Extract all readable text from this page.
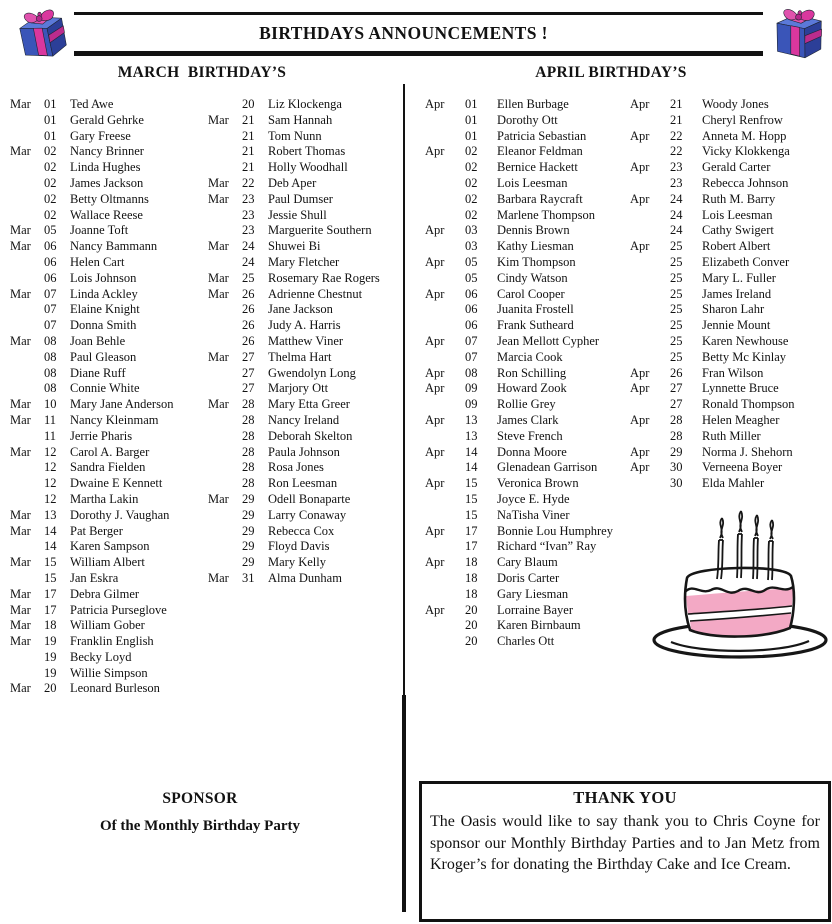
BIRTHDAYS ANNOUNCEMENTS !
MARCH  BIRTHDAY’S	APRIL BIRTHDAY’S
Mar	01	Ted Awe
01	Gerald Gehrke
01	Gary Freese
Mar	02	Nancy Brinner
02	Linda Hughes
02	James Jackson
02	Betty Oltmanns
02	Wallace Reese
Mar	05	Joanne Toft
Mar	06	Nancy Bammann
06	Helen Cart
06	Lois Johnson
Mar	07	Linda Ackley
07	Elaine Knight
07	Donna Smith
Mar	08	Joan Behle
08	Paul Gleason
08	Diane Ruff
08	Connie White
Mar	10	Mary Jane Anderson
Mar	11	Nancy Kleinmam
11	Jerrie Pharis
Mar	12	Carol A. Barger
12	Sandra Fielden
12	Dwaine E Kennett
12	Martha Lakin
Mar	13	Dorothy J. Vaughan
Mar	14	Pat Berger
14	Karen Sampson
Mar	15	William Albert
15	Jan Eskra
Mar	17	Debra Gilmer
Mar	17	Patricia Purseglove
Mar	18	William Gober
Mar	19	Franklin English
19	Becky Loyd
19	Willie Simpson
Mar	20	Leonard Burleson
20	Liz Klockenga
Mar	21	Sam Hannah
21	Tom Nunn
21	Robert Thomas
21	Holly Woodhall
Mar	22	Deb Aper
Mar	23	Paul Dumser
23	Jessie Shull
23	Marguerite Southern
Mar	24	Shuwei Bi
24	Mary Fletcher
Mar	25	Rosemary Rae Rogers
Mar	26	Adrienne Chestnut
26	Jane Jackson
26	Judy A. Harris
26	Matthew Viner
Mar	27	Thelma Hart
27	Gwendolyn Long
27	Marjory Ott
Mar	28	Mary Etta Greer
28	Nancy Ireland
28	Deborah Skelton
28	Paula Johnson
28	Rosa Jones
28	Ron Leesman
Mar	29	Odell Bonaparte
29	Larry Conaway
29	Rebecca Cox
29	Floyd Davis
29	Mary Kelly
Mar	31	Alma Dunham
Apr	01	Ellen Burbage
01	Dorothy Ott
01	Patricia Sebastian
Apr	02	Eleanor Feldman
02	Bernice Hackett
02	Lois Leesman
02	Barbara Raycraft
02	Marlene Thompson
Apr	03	Dennis Brown
03	Kathy Liesman
Apr	05	Kim Thompson
05	Cindy Watson
Apr	06	Carol Cooper
06	Juanita Frostell
06	Frank Sutheard
Apr	07	Jean Mellott Cypher
07	Marcia Cook
Apr	08	Ron Schilling
Apr	09	Howard Zook
09	Rollie Grey
Apr	13	James Clark
13	Steve French
Apr	14	Donna Moore
14	Glenadean Garrison
Apr	15	Veronica Brown
15	Joyce E. Hyde
15	NaTisha Viner
Apr	17	Bonnie Lou Humphrey
17	Richard “Ivan” Ray
Apr	18	Cary Blaum
18	Doris Carter
18	Gary Liesman
Apr	20	Lorraine Bayer
20	Karen Birnbaum
20	Charles Ott
Apr	21	Woody Jones
21	Cheryl Renfrow
Apr	22	Anneta M. Hopp
22	Vicky Klokkenga
Apr	23	Gerald Carter
23	Rebecca Johnson
Apr	24	Ruth M. Barry
24	Lois Leesman
24	Cathy Swigert
Apr	25	Robert Albert
25	Elizabeth Conver
25	Mary L. Fuller
25	James Ireland
25	Sharon Lahr
25	Jennie Mount
25	Karen Newhouse
25	Betty Mc Kinlay
Apr	26	Fran Wilson
Apr	27	Lynnette Bruce
27	Ronald Thompson
Apr	28	Helen Meagher
28	Ruth Miller
Apr	29	Norma J. Shehorn
Apr	30	Verneena Boyer
30	Elda Mahler
SPONSOR
Of the Monthly Birthday Party
THANK YOU
The Oasis would like to say thank you to Chris Coyne for sponsor our Monthly Birthday Parties and to Jan Metz from Kroger’s for donating the Birthday Cake and Ice Cream.
